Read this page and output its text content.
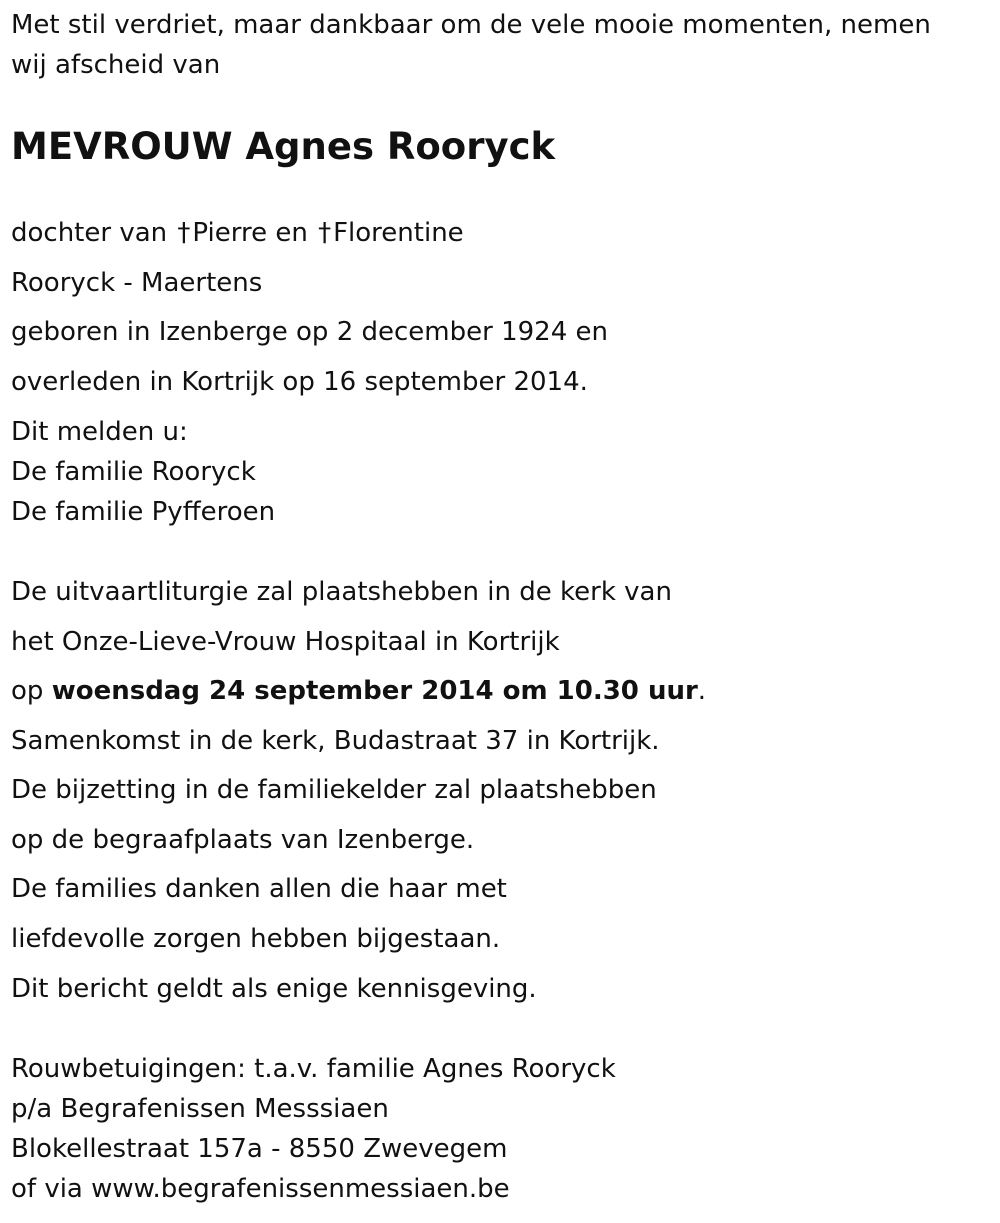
Met stil verdriet, maar dankbaar om de vele mooie momenten, nemen
wij afscheid van
MEVROUW Agnes Rooryck
dochter van †Pierre en †Florentine
Rooryck - Maertens
geboren in Izenberge op 2 december 1924 en
overleden in Kortrijk op 16 september 2014.
Dit melden u:
De familie Rooryck
De familie Pyfferoen
De uitvaartliturgie zal plaatshebben in de kerk van
het Onze-Lieve-Vrouw Hospitaal in Kortrijk
op woensdag 24 september 2014 om 10.30 uur.
Samenkomst in de kerk, Budastraat 37 in Kortrijk.
De bijzetting in de familiekelder zal plaatshebben
op de begraafplaats van Izenberge.
De families danken allen die haar met
liefdevolle zorgen hebben bijgestaan.
Dit bericht geldt als enige kennisgeving.
Rouwbetuigingen: t.a.v. familie Agnes Rooryck
p/a Begrafenissen Messsiaen
Blokellestraat 157a - 8550 Zwevegem
of via www.begrafenissenmessiaen.be
